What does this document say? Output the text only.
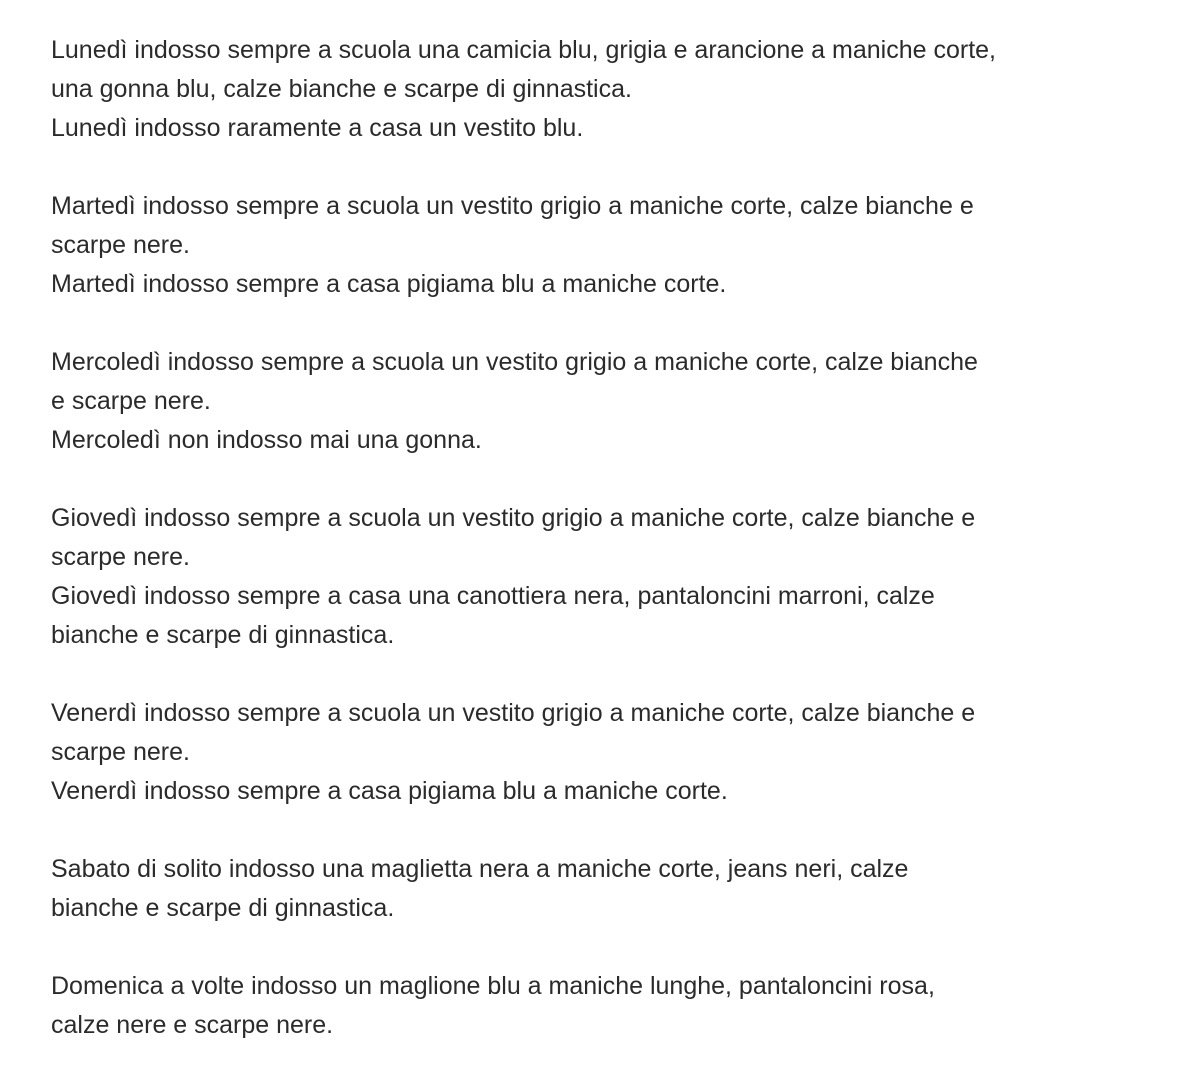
Lunedì indosso sempre a scuola una camicia blu, grigia e arancione a maniche corte,
una gonna blu, calze bianche e scarpe di ginnastica.
Lunedì indosso raramente a casa un vestito blu.

Martedì indosso sempre a scuola un vestito grigio a maniche corte, calze bianche e
scarpe nere.
Martedì indosso sempre a casa pigiama blu a maniche corte.

Mercoledì indosso sempre a scuola un vestito grigio a maniche corte, calze bianche
e scarpe nere.
Mercoledì non indosso mai una gonna.

Giovedì indosso sempre a scuola un vestito grigio a maniche corte, calze bianche e
scarpe nere.
Giovedì indosso sempre a casa una canottiera nera, pantaloncini marroni, calze
bianche e scarpe di ginnastica.

Venerdì indosso sempre a scuola un vestito grigio a maniche corte, calze bianche e
scarpe nere.
Venerdì indosso sempre a casa pigiama blu a maniche corte.

Sabato di solito indosso una maglietta nera a maniche corte, jeans neri, calze
bianche e scarpe di ginnastica.

Domenica a volte indosso un maglione blu a maniche lunghe, pantaloncini rosa,
calze nere e scarpe nere.
